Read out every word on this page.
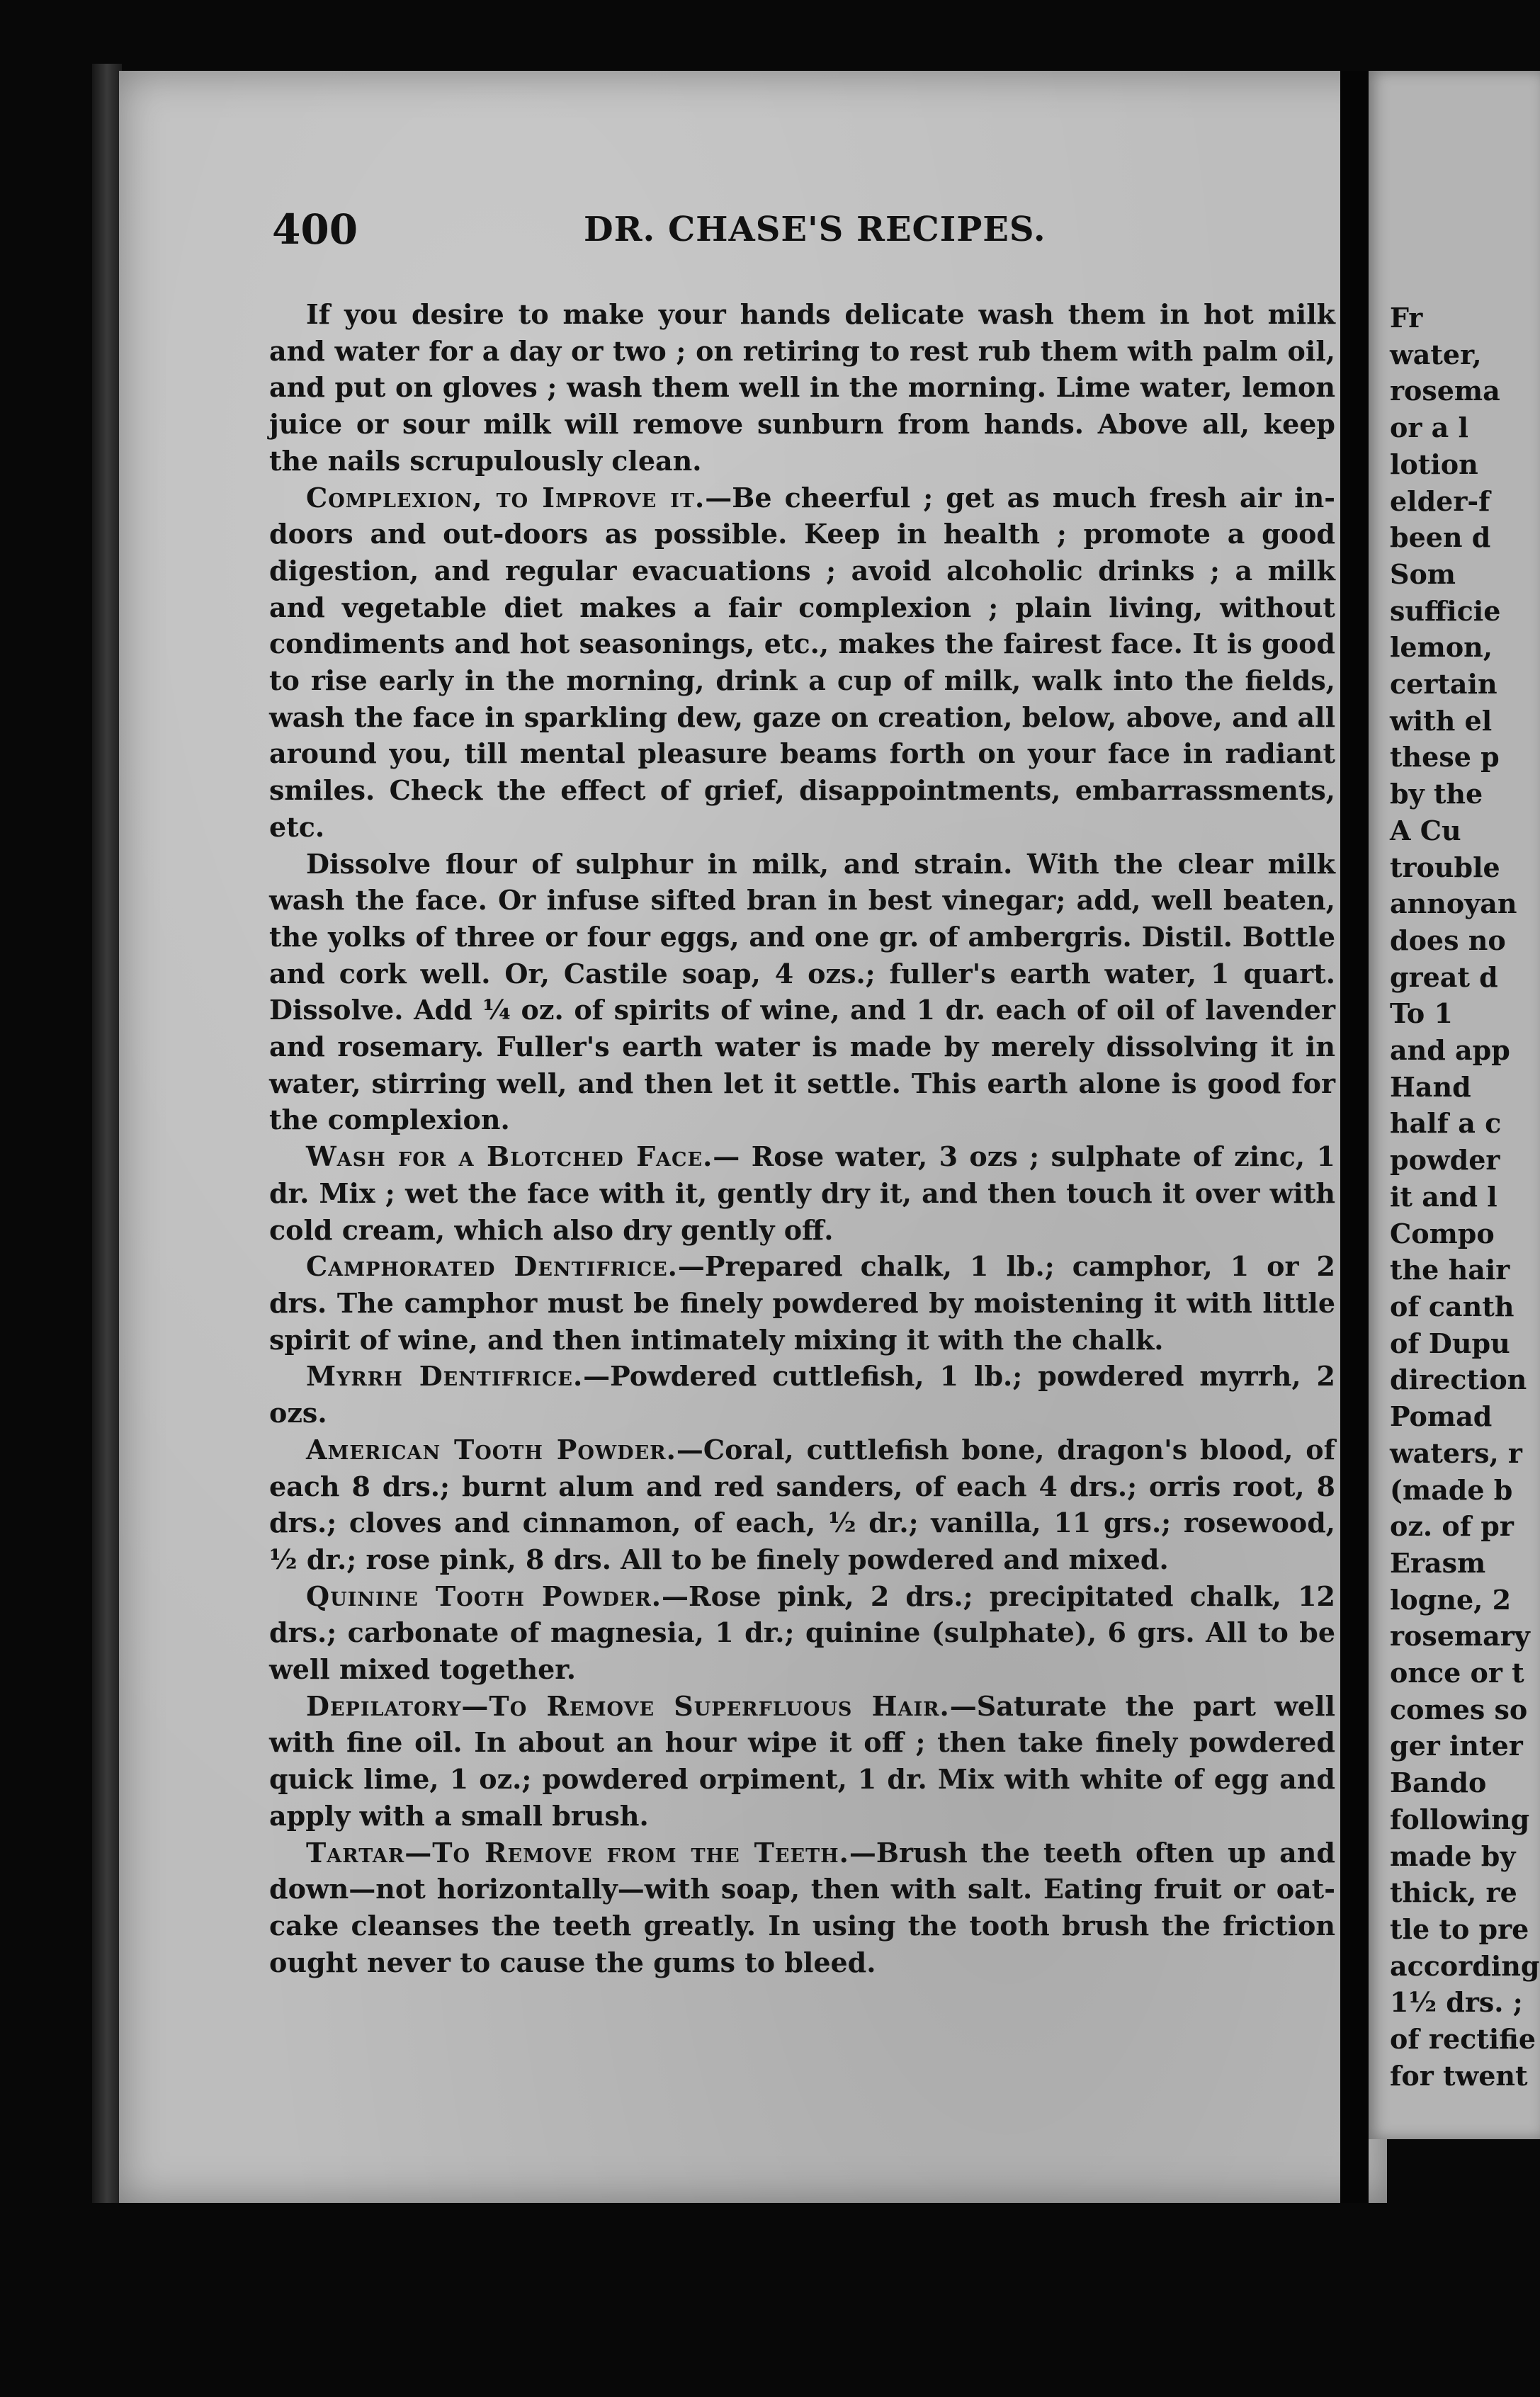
Fr

water,

rosema

or a l

lotion

elder-f

been d

Som

sufficie

lemon,

certain

with el

these p

by the

A Cu

trouble

annoyan

does no

great d

To 1

and app

Hand

half a c

powder

it and l

Compo

the hair

of canth

of Dupu

direction

Pomad

waters, r

(made b

oz. of pr

Erasm

logne, 2

rosemary

once or t

comes so

ger inter

Bando

following

made by

thick, re

tle to pre

according

1½ drs. ;

of rectifie

for twent

400	DR. CHASE'S RECIPES.

If you desire to make your hands delicate wash them in hot milk and water for a day or two ; on retiring to rest rub them with palm oil, and put on gloves ; wash them well in the morning. Lime water, lemon juice or sour milk will remove sunburn from hands. Above all, keep the nails scrupulously clean.

Complexion, to Improve it.—Be cheerful ; get as much fresh air in-doors and out-doors as possible. Keep in health ; promote a good digestion, and regular evacuations ; avoid alcoholic drinks ; a milk and vegetable diet makes a fair complexion ; plain living, without condiments and hot seasonings, etc., makes the fairest face. It is good to rise early in the morning, drink a cup of milk, walk into the fields, wash the face in sparkling dew, gaze on creation, below, above, and all around you, till mental pleasure beams forth on your face in radiant smiles. Check the effect of grief, disappointments, embarrassments, etc.

Dissolve flour of sulphur in milk, and strain. With the clear milk wash the face. Or infuse sifted bran in best vinegar; add, well beaten, the yolks of three or four eggs, and one gr. of ambergris. Distil. Bottle and cork well. Or, Castile soap, 4 ozs.; fuller's earth water, 1 quart. Dissolve. Add ¼ oz. of spirits of wine, and 1 dr. each of oil of lavender and rosemary. Fuller's earth water is made by merely dissolving it in water, stirring well, and then let it settle. This earth alone is good for the complexion.

Wash for a Blotched Face.— Rose water, 3 ozs ; sulphate of zinc, 1 dr. Mix ; wet the face with it, gently dry it, and then touch it over with cold cream, which also dry gently off.

Camphorated Dentifrice.—Prepared chalk, 1 lb.; camphor, 1 or 2 drs. The camphor must be finely powdered by moistening it with little spirit of wine, and then intimately mixing it with the chalk.

Myrrh Dentifrice.—Powdered cuttlefish, 1 lb.; powdered myrrh, 2 ozs.

American Tooth Powder.—Coral, cuttlefish bone, dragon's blood, of each 8 drs.; burnt alum and red sanders, of each 4 drs.; orris root, 8 drs.; cloves and cinnamon, of each, ½ dr.; vanilla, 11 grs.; rosewood, ½ dr.; rose pink, 8 drs. All to be finely powdered and mixed.

Quinine Tooth Powder.—Rose pink, 2 drs.; precipitated chalk, 12 drs.; carbonate of magnesia, 1 dr.; quinine (sulphate), 6 grs. All to be well mixed together.

Depilatory—To Remove Superfluous Hair.—Saturate the part well with fine oil. In about an hour wipe it off ; then take finely powdered quick lime, 1 oz.; powdered orpiment, 1 dr. Mix with white of egg and apply with a small brush.

Tartar—To Remove from the Teeth.—Brush the teeth often up and down—not horizontally—with soap, then with salt. Eating fruit or oat-cake cleanses the teeth greatly. In using the tooth brush the friction ought never to cause the gums to bleed.
